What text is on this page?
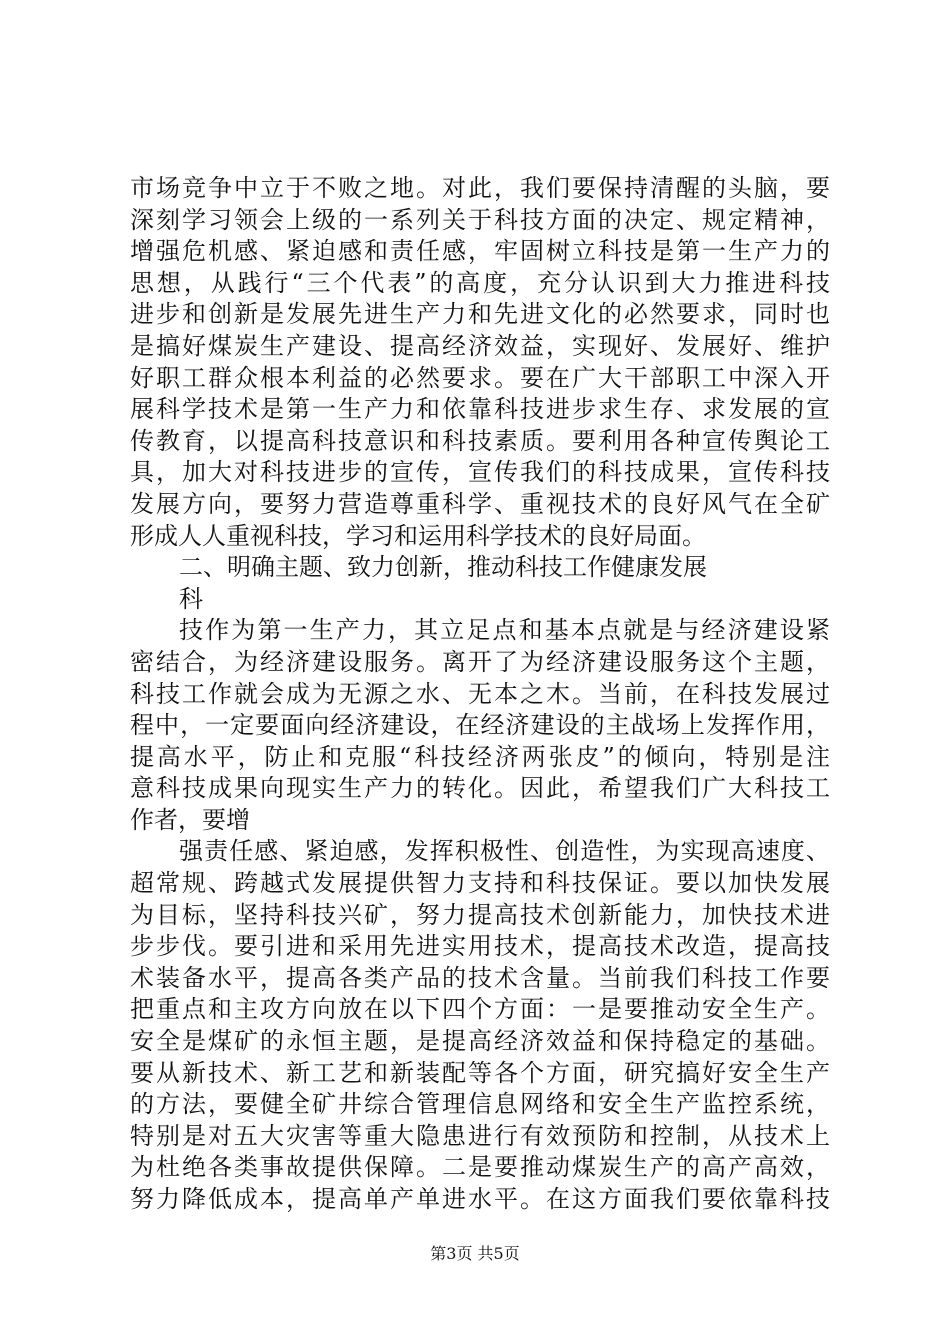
市场竞争中立于不败之地。对此，我们要保持清醒的头脑，要
深刻学习领会上级的一系列关于科技方面的决定、规定精神，
增强危机感、紧迫感和责任感，牢固树立科技是第一生产力的
思想，从践行“三个代表”的高度，充分认识到大力推进科技
进步和创新是发展先进生产力和先进文化的必然要求，同时也
是搞好煤炭生产建设、提高经济效益，实现好、发展好、维护
好职工群众根本利益的必然要求。要在广大干部职工中深入开
展科学技术是第一生产力和依靠科技进步求生存、求发展的宣
传教育，以提高科技意识和科技素质。要利用各种宣传舆论工
具，加大对科技进步的宣传，宣传我们的科技成果，宣传科技
发展方向，要努力营造尊重科学、重视技术的良好风气在全矿
形成人人重视科技，学习和运用科学技术的良好局面。
二、明确主题、致力创新，推动科技工作健康发展
科
技作为第一生产力，其立足点和基本点就是与经济建设紧
密结合，为经济建设服务。离开了为经济建设服务这个主题，
科技工作就会成为无源之水、无本之木。当前，在科技发展过
程中，一定要面向经济建设，在经济建设的主战场上发挥作用，
提高水平，防止和克服“科技经济两张皮”的倾向，特别是注
意科技成果向现实生产力的转化。因此，希望我们广大科技工
作者，要增
强责任感、紧迫感，发挥积极性、创造性，为实现高速度、
超常规、跨越式发展提供智力支持和科技保证。要以加快发展
为目标，坚持科技兴矿，努力提高技术创新能力，加快技术进
步步伐。要引进和采用先进实用技术，提高技术改造，提高技
术装备水平，提高各类产品的技术含量。当前我们科技工作要
把重点和主攻方向放在以下四个方面：一是要推动安全生产。
安全是煤矿的永恒主题，是提高经济效益和保持稳定的基础。
要从新技术、新工艺和新装配等各个方面，研究搞好安全生产
的方法，要健全矿井综合管理信息网络和安全生产监控系统，
特别是对五大灾害等重大隐患进行有效预防和控制，从技术上
为杜绝各类事故提供保障。二是要推动煤炭生产的高产高效，
努力降低成本，提高单产单进水平。在这方面我们要依靠科技
第3页 共5页
